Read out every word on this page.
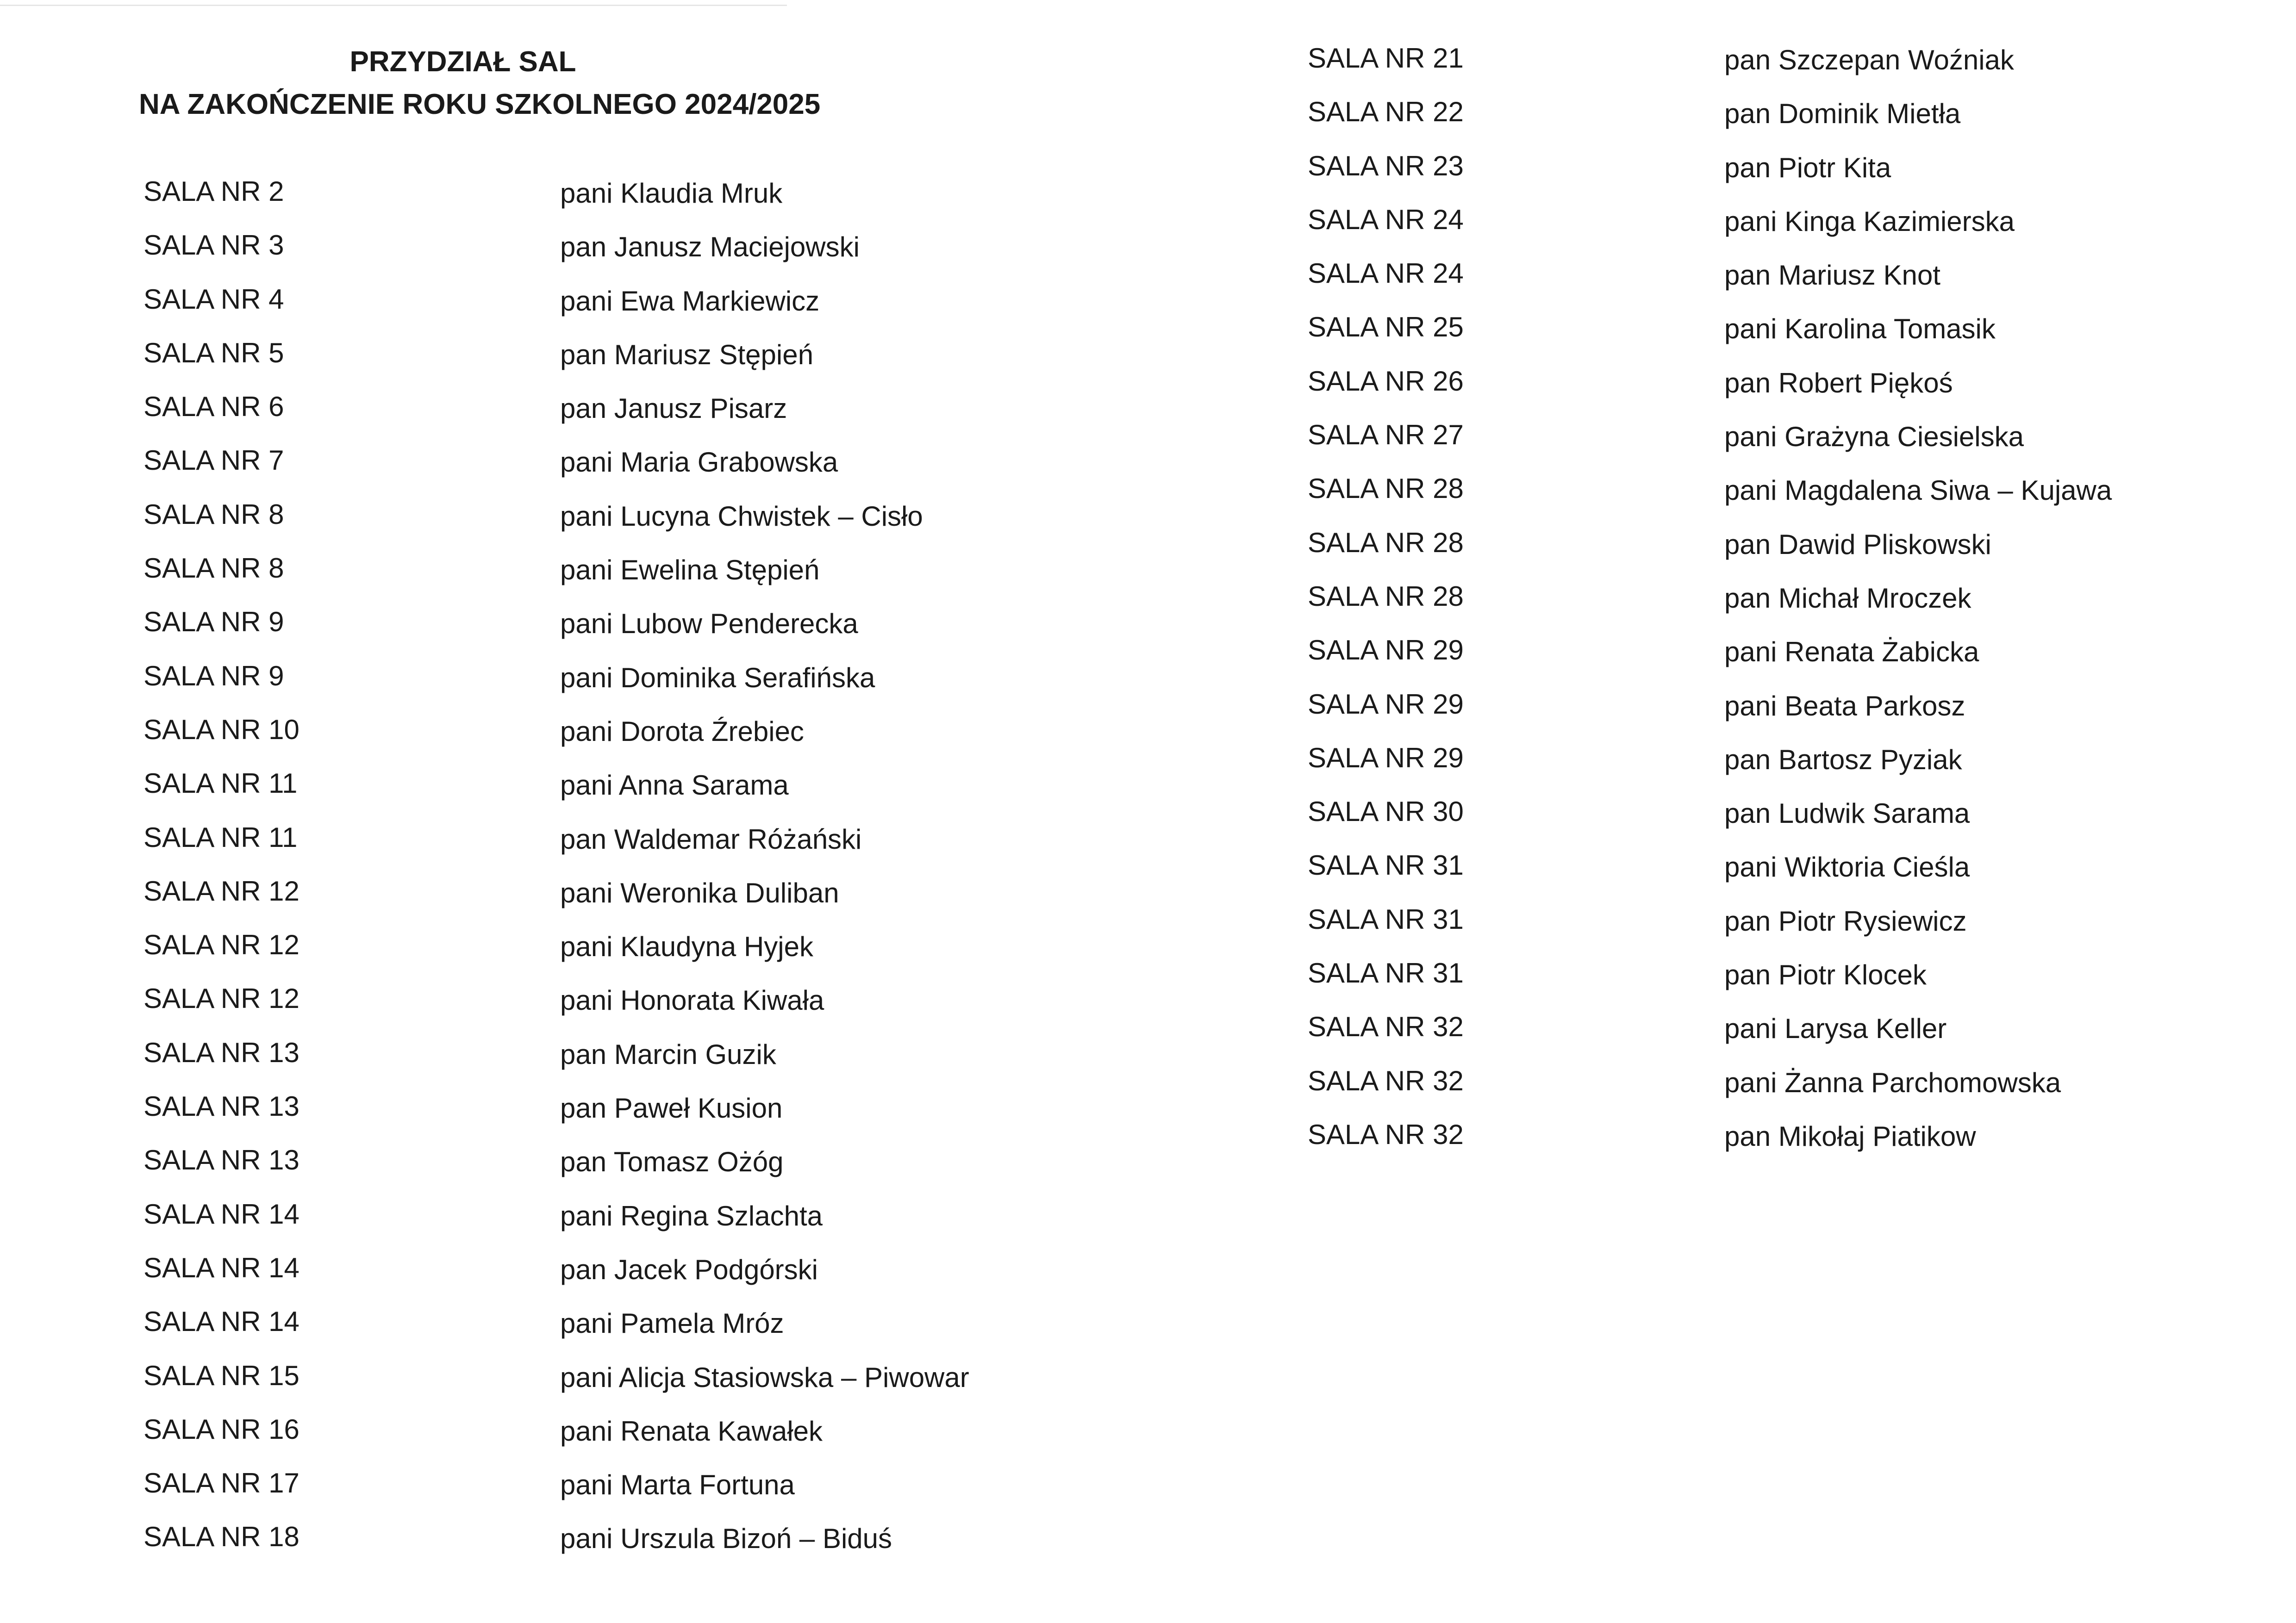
PRZYDZIAŁ SAL
NA ZAKOŃCZENIE ROKU SZKOLNEGO 2024/2025
SALA NR 2	pani Klaudia Mruk
SALA NR 3	pan Janusz Maciejowski
SALA NR 4	pani Ewa Markiewicz
SALA NR 5	pan Mariusz Stępień
SALA NR 6	pan Janusz Pisarz
SALA NR 7	pani Maria Grabowska
SALA NR 8	pani Lucyna Chwistek – Cisło
SALA NR 8	pani Ewelina Stępień
SALA NR 9	pani Lubow Penderecka
SALA NR 9	pani Dominika Serafińska
SALA NR 10	pani Dorota Źrebiec
SALA NR 11	pani Anna Sarama
SALA NR 11	pan Waldemar Różański
SALA NR 12	pani Weronika Duliban
SALA NR 12	pani Klaudyna Hyjek
SALA NR 12	pani Honorata Kiwała
SALA NR 13	pan Marcin Guzik
SALA NR 13	pan Paweł Kusion
SALA NR 13	pan Tomasz Ożóg
SALA NR 14	pani Regina Szlachta
SALA NR 14	pan Jacek Podgórski
SALA NR 14	pani Pamela Mróz
SALA NR 15	pani Alicja Stasiowska – Piwowar
SALA NR 16	pani Renata Kawałek
SALA NR 17	pani Marta Fortuna
SALA NR 18	pani Urszula Bizoń – Biduś
SALA NR 21	pan Szczepan Woźniak
SALA NR 22	pan Dominik Mietła
SALA NR 23	pan Piotr Kita
SALA NR 24	pani Kinga Kazimierska
SALA NR 24	pan Mariusz Knot
SALA NR 25	pani Karolina Tomasik
SALA NR 26	pan Robert Piękoś
SALA NR 27	pani Grażyna Ciesielska
SALA NR 28	pani Magdalena Siwa – Kujawa
SALA NR 28	pan Dawid Pliskowski
SALA NR 28	pan Michał Mroczek
SALA NR 29	pani Renata Żabicka
SALA NR 29	pani Beata Parkosz
SALA NR 29	pan Bartosz Pyziak
SALA NR 30	pan Ludwik Sarama
SALA NR 31	pani Wiktoria Cieśla
SALA NR 31	pan Piotr Rysiewicz
SALA NR 31	pan Piotr Klocek
SALA NR 32	pani Larysa Keller
SALA NR 32	pani Żanna Parchomowska
SALA NR 32	pan Mikołaj Piatikow
